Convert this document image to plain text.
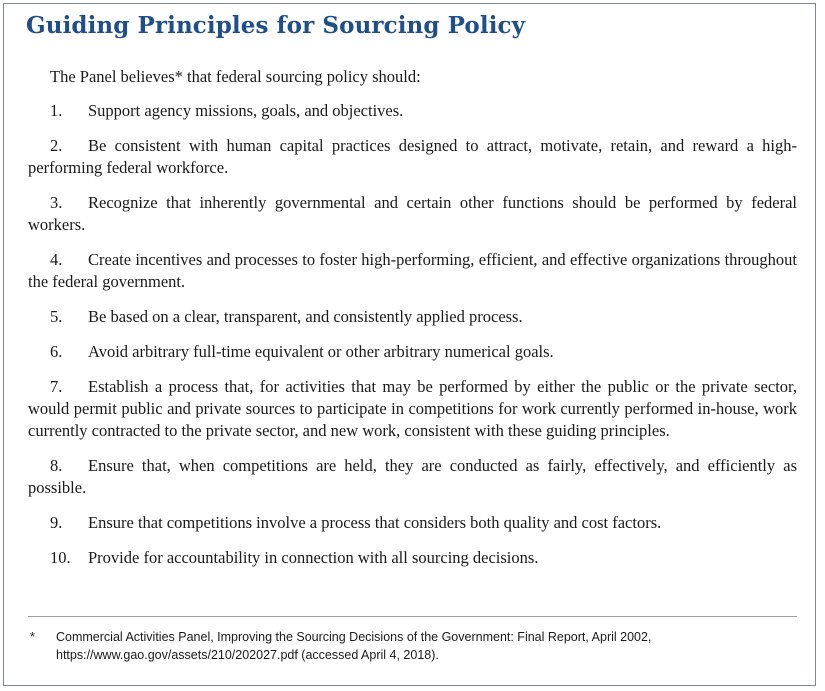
Guiding Principles for Sourcing Policy

The Panel believes* that federal sourcing policy should:

1. Support agency missions, goals, and objectives.

2. Be consistent with human capital practices designed to attract, motivate, retain, and reward a high-performing federal workforce.

3. Recognize that inherently governmental and certain other functions should be performed by federal workers.

4. Create incentives and processes to foster high-performing, efficient, and effective organizations throughout the federal government.

5. Be based on a clear, transparent, and consistently applied process.

6. Avoid arbitrary full-time equivalent or other arbitrary numerical goals.

7. Establish a process that, for activities that may be performed by either the public or the private sector, would permit public and private sources to participate in competitions for work currently performed in-house, work currently contracted to the private sector, and new work, consistent with these guiding principles.

8. Ensure that, when competitions are held, they are conducted as fairly, effectively, and efficiently as possible.

9. Ensure that competitions involve a process that considers both quality and cost factors.

10. Provide for accountability in connection with all sourcing decisions.

* Commercial Activities Panel, Improving the Sourcing Decisions of the Government: Final Report, April 2002, https://www.gao.gov/assets/210/202027.pdf (accessed April 4, 2018).
